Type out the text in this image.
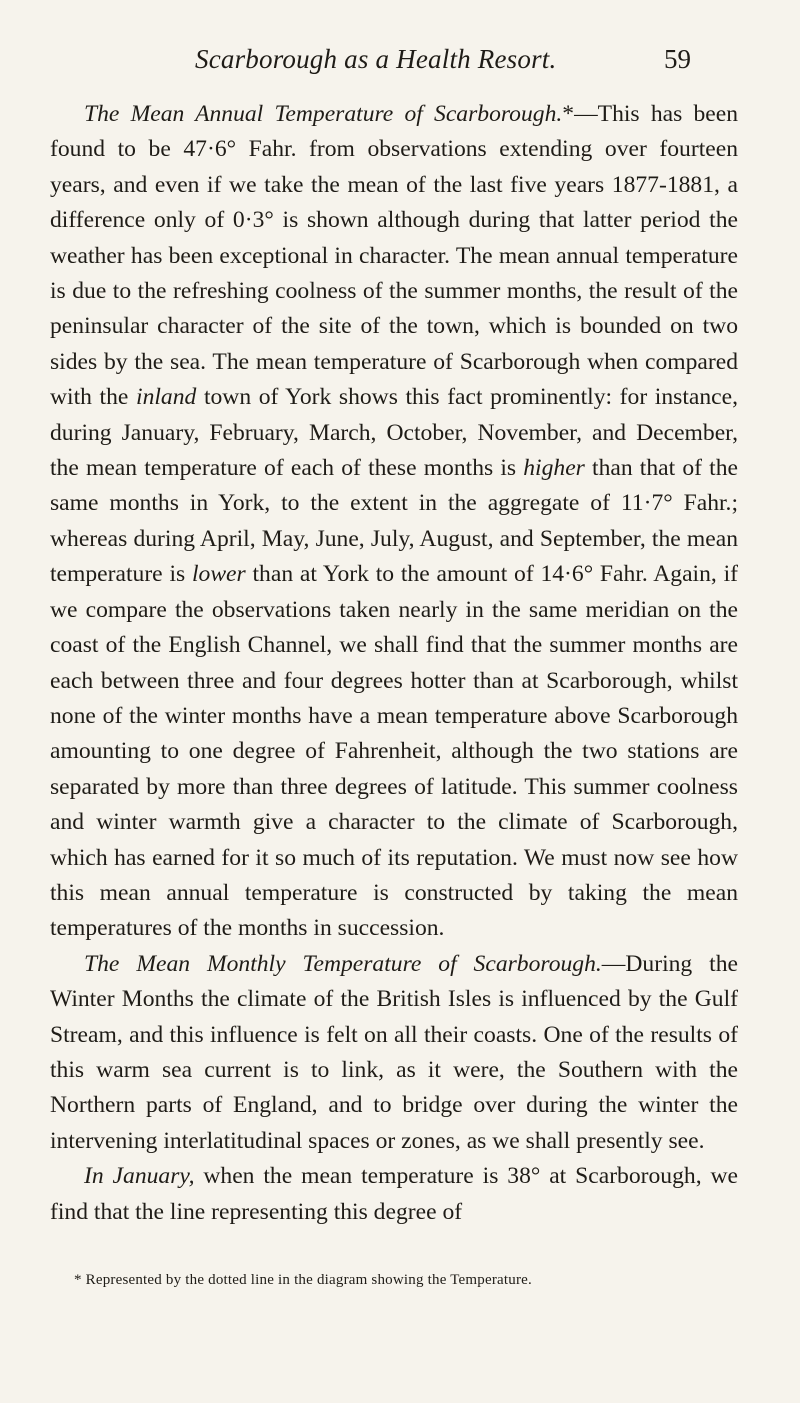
Scarborough as a Health Resort.	59

The Mean Annual Temperature of Scarborough.*—This has been found to be 47·6° Fahr. from observations extending over fourteen years, and even if we take the mean of the last five years 1877-1881, a difference only of 0·3° is shown although during that latter period the weather has been exceptional in character. The mean annual temperature is due to the refreshing coolness of the summer months, the result of the peninsular character of the site of the town, which is bounded on two sides by the sea. The mean temperature of Scarborough when compared with the inland town of York shows this fact prominently: for instance, during January, February, March, October, November, and December, the mean temperature of each of these months is higher than that of the same months in York, to the extent in the aggregate of 11·7° Fahr.; whereas during April, May, June, July, August, and September, the mean temperature is lower than at York to the amount of 14·6° Fahr. Again, if we compare the observations taken nearly in the same meridian on the coast of the English Channel, we shall find that the summer months are each between three and four degrees hotter than at Scarborough, whilst none of the winter months have a mean temperature above Scarborough amounting to one degree of Fahrenheit, although the two stations are separated by more than three degrees of latitude. This summer coolness and winter warmth give a character to the climate of Scarborough, which has earned for it so much of its reputation. We must now see how this mean annual temperature is constructed by taking the mean temperatures of the months in succession.

The Mean Monthly Temperature of Scarborough.—During the Winter Months the climate of the British Isles is influenced by the Gulf Stream, and this influence is felt on all their coasts. One of the results of this warm sea current is to link, as it were, the Southern with the Northern parts of England, and to bridge over during the winter the intervening interlatitudinal spaces or zones, as we shall presently see.

In January, when the mean temperature is 38° at Scarborough, we find that the line representing this degree of

* Represented by the dotted line in the diagram showing the Temperature.
